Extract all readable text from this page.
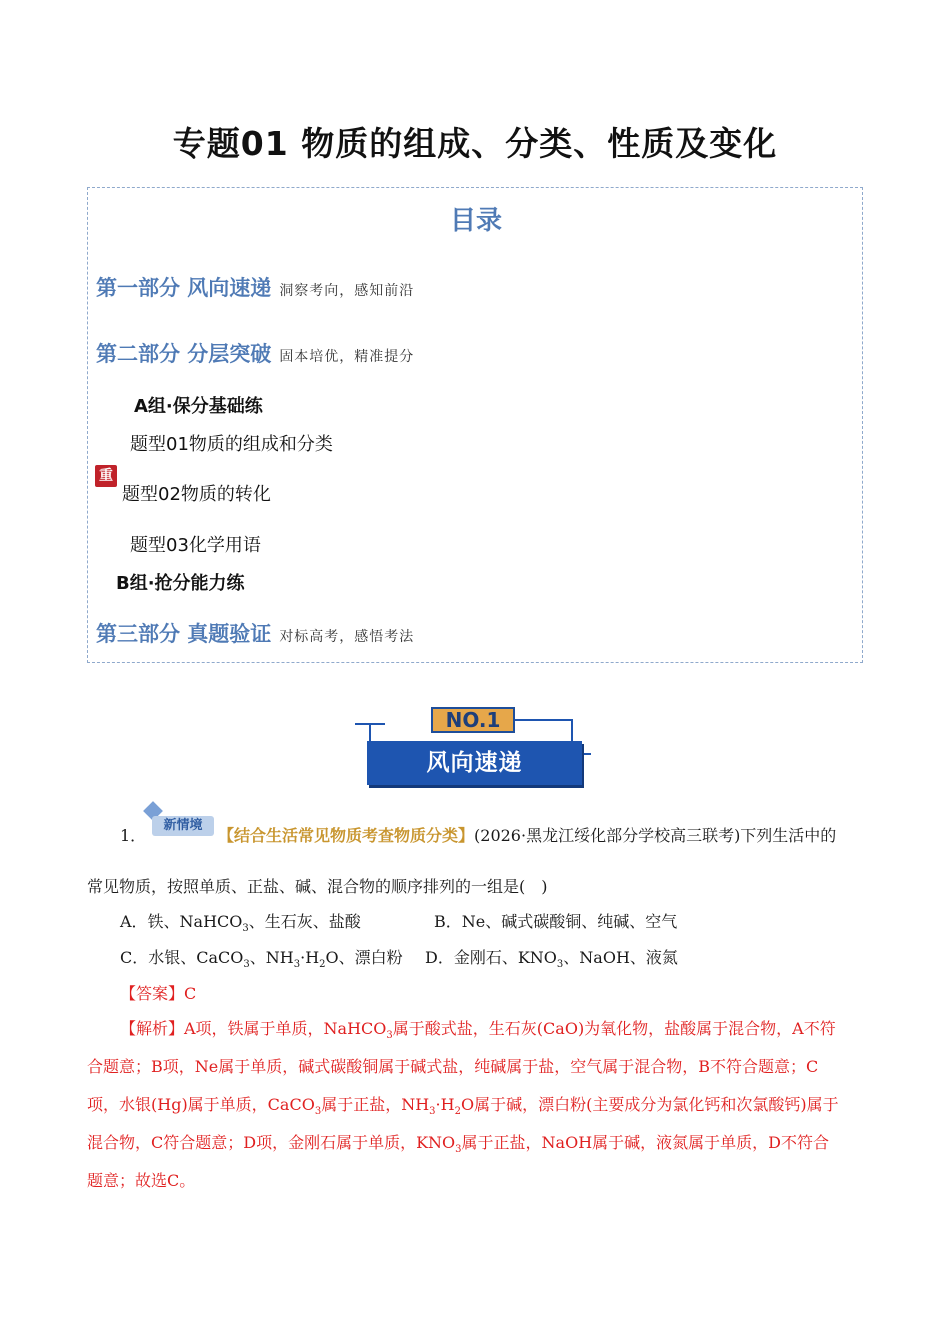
专题01 物质的组成、分类、性质及变化
目录
第一部分 风向速递 洞察考向，感知前沿
第二部分 分层突破 固本培优，精准提分
A组·保分基础练
题型01物质的组成和分类
重
题型02物质的转化
题型03化学用语
B组·抢分能力练
第三部分 真题验证 对标高考，感悟考法
NO.1
风向速递
1．
新情境
【结合生活常见物质考查物质分类】(2026·黑龙江绥化部分学校高三联考)下列生活中的
常见物质，按照单质、正盐、碱、混合物的顺序排列的一组是(　)
A．铁、NaHCO$_3$、生石灰、盐酸	B．Ne、碱式碳酸铜、纯碱、空气
C．水银、CaCO$_3$、$NH_3\cdot H_2O$、漂白粉 D．金刚石、$KNO_3$、NaOH、液氮
【答案】C
【解析】A项，铁属于单质，NaHCO$_3$属于酸式盐，生石灰(CaO)为氧化物，盐酸属于混合物，A不符
合题意；B项，Ne属于单质，碱式碳酸铜属于碱式盐，纯碱属于盐，空气属于混合物，B不符合题意；C
项，水银(Hg)属于单质，CaCO$_3$属于正盐，$NH_3\cdot H_2O$属于碱，漂白粉(主要成分为氯化钙和次氯酸钙)属于
混合物，C符合题意；D项，金刚石属于单质，$KNO_3$属于正盐，NaOH属于碱，液氮属于单质，D不符合
题意；故选C。
